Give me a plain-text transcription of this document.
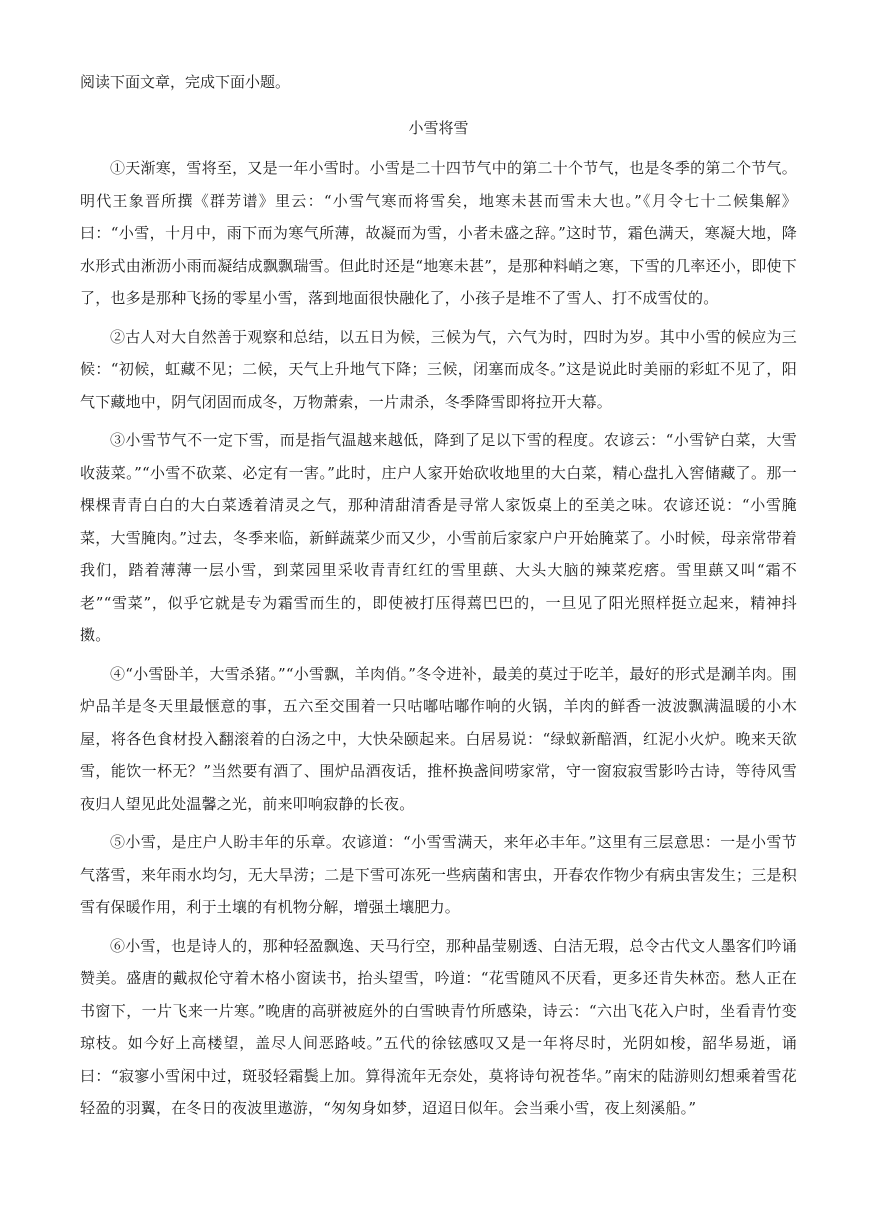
阅读下面文章，完成下面小题。

小雪将雪

①天渐寒，雪将至，又是一年小雪时。小雪是二十四节气中的第二十个节气，也是冬季的第二个节气。明代王象晋所撰《群芳谱》里云：“小雪气寒而将雪矣，地寒未甚而雪未大也。”《月令七十二候集解》曰：“小雪，十月中，雨下而为寒气所薄，故凝而为雪，小者未盛之辞。”这时节，霜色满天，寒凝大地，降水形式由淅沥小雨而凝结成飘飘瑞雪。但此时还是“地寒未甚”，是那种料峭之寒，下雪的几率还小，即使下了，也多是那种飞扬的零星小雪，落到地面很快融化了，小孩子是堆不了雪人、打不成雪仗的。

②古人对大自然善于观察和总结，以五日为候，三候为气，六气为时，四时为岁。其中小雪的候应为三候：“初候，虹藏不见；二候，天气上升地气下降；三候，闭塞而成冬。”这是说此时美丽的彩虹不见了，阳气下藏地中，阴气闭固而成冬，万物萧索，一片肃杀，冬季降雪即将拉开大幕。

③小雪节气不一定下雪，而是指气温越来越低，降到了足以下雪的程度。农谚云：“小雪铲白菜，大雪收菠菜。”“小雪不砍菜、必定有一害。”此时，庄户人家开始砍收地里的大白菜，精心盘扎入窖储藏了。那一棵棵青青白白的大白菜透着清灵之气，那种清甜清香是寻常人家饭桌上的至美之味。农谚还说：“小雪腌菜，大雪腌肉。”过去，冬季来临，新鲜蔬菜少而又少，小雪前后家家户户开始腌菜了。小时候，母亲常带着我们，踏着薄薄一层小雪，到菜园里采收青青红红的雪里蕻、大头大脑的辣菜疙瘩。雪里蕻又叫“霜不老”“雪菜”，似乎它就是专为霜雪而生的，即使被打压得蔫巴巴的，一旦见了阳光照样挺立起来，精神抖擞。

④“小雪卧羊，大雪杀猪。”“小雪飘，羊肉俏。”冬令进补，最美的莫过于吃羊，最好的形式是涮羊肉。围炉品羊是冬天里最惬意的事，五六至交围着一只咕嘟咕嘟作响的火锅，羊肉的鲜香一波波飘满温暖的小木屋，将各色食材投入翻滚着的白汤之中，大快朵颐起来。白居易说：“绿蚁新醅酒，红泥小火炉。晚来天欲雪，能饮一杯无？”当然要有酒了、围炉品酒夜话，推杯换盏间唠家常，守一窗寂寂雪影吟古诗，等待风雪夜归人望见此处温馨之光，前来叩响寂静的长夜。

⑤小雪，是庄户人盼丰年的乐章。农谚道：“小雪雪满天，来年必丰年。”这里有三层意思：一是小雪节气落雪，来年雨水均匀，无大旱涝；二是下雪可冻死一些病菌和害虫，开春农作物少有病虫害发生；三是积雪有保暖作用，利于土壤的有机物分解，增强土壤肥力。

⑥小雪，也是诗人的，那种轻盈飘逸、天马行空，那种晶莹剔透、白洁无瑕，总令古代文人墨客们吟诵赞美。盛唐的戴叔伦守着木格小窗读书，抬头望雪，吟道：“花雪随风不厌看，更多还肯失林峦。愁人正在书窗下，一片飞来一片寒。”晚唐的高骈被庭外的白雪映青竹所感染，诗云：“六出飞花入户时，坐看青竹变琼枝。如今好上高楼望，盖尽人间恶路岐。”五代的徐铉感叹又是一年将尽时，光阴如梭，韶华易逝，诵曰：“寂寥小雪闲中过，斑驳轻霜鬓上加。算得流年无奈处，莫将诗句祝苍华。”南宋的陆游则幻想乘着雪花轻盈的羽翼，在冬日的夜波里遨游，“匆匆身如梦，迢迢日似年。会当乘小雪，夜上刻溪船。”
